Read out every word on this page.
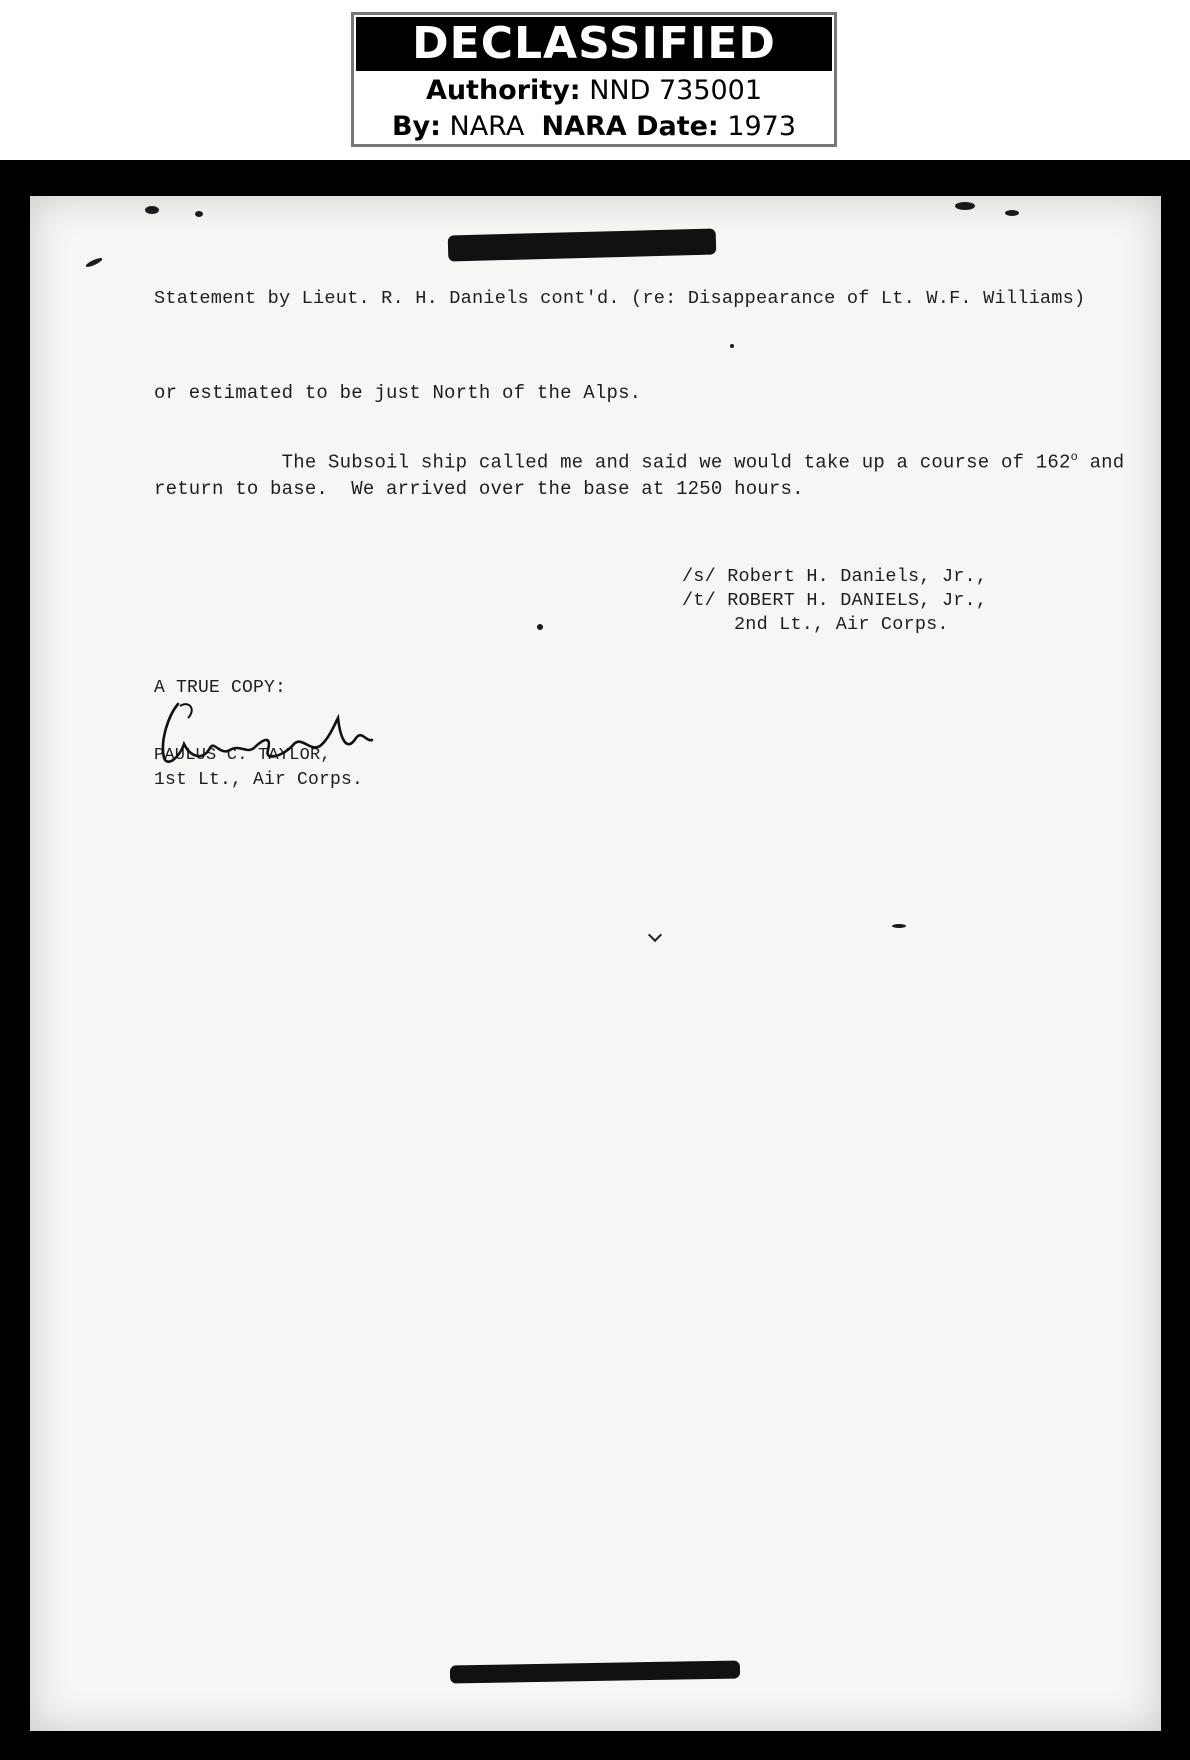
DECLASSIFIED
Authority: NND 735001
By: NARA NARA Date: 1973
Statement by Lieut. R. H. Daniels cont'd. (re: Disappearance of Lt. W.F. Williams)
or estimated to be just North of the Alps.

The Subsoil ship called me and said we would take up a course of 162$^o$ and

return to base.  We arrived over the base at 1250 hours.
/s/ Robert H. Daniels, Jr.,
/t/ ROBERT H. DANIELS, Jr.,
2nd Lt., Air Corps.
A TRUE COPY:
PAULUS C. TAYLOR,
1st Lt., Air Corps.
